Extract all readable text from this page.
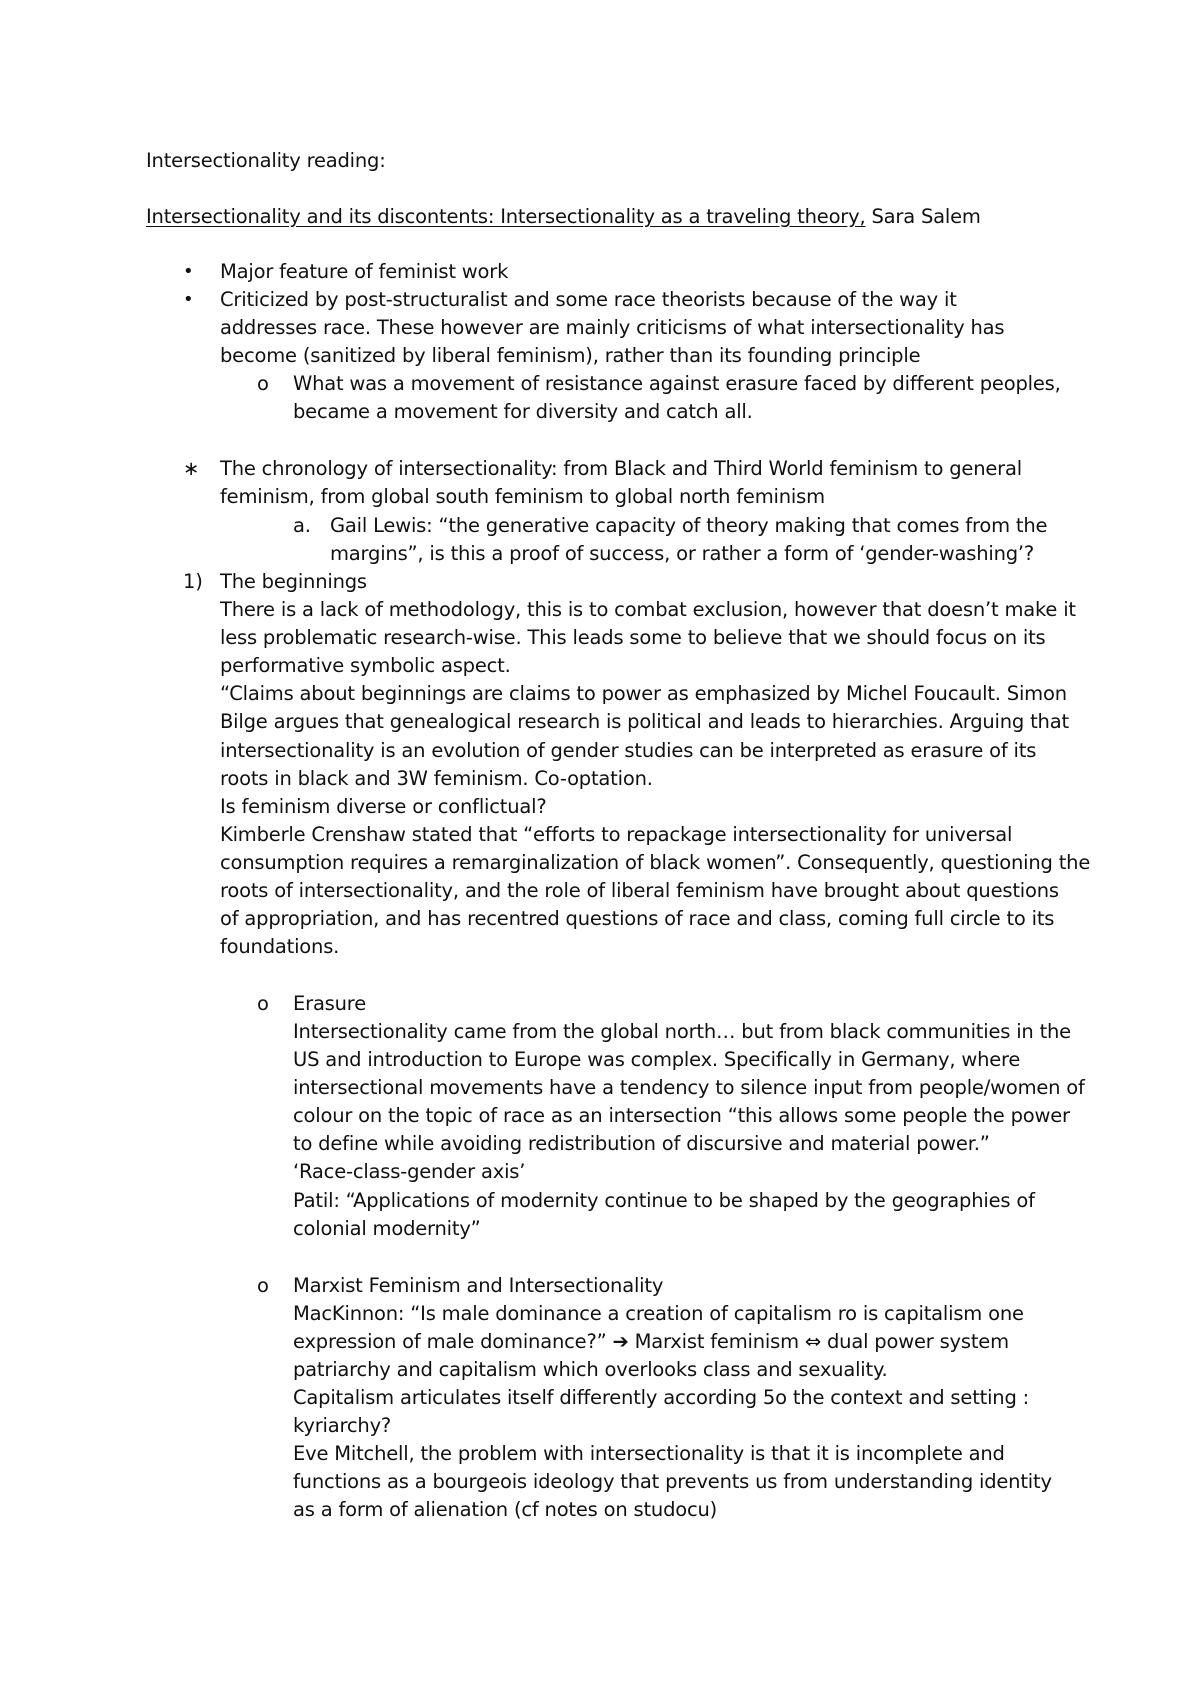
Intersectionality reading:
Intersectionality and its discontents: Intersectionality as a traveling theory, Sara Salem
• Major feature of feminist work
• Criticized by post-structuralist and some race theorists because of the way it
addresses race. These however are mainly criticisms of what intersectionality has
become (sanitized by liberal feminism), rather than its founding principle
o What was a movement of resistance against erasure faced by different peoples,
became a movement for diversity and catch all.
∗ The chronology of intersectionality: from Black and Third World feminism to general
feminism, from global south feminism to global north feminism
a. Gail Lewis: “the generative capacity of theory making that comes from the
margins”, is this a proof of success, or rather a form of ‘gender-washing’?
1) The beginnings
There is a lack of methodology, this is to combat exclusion, however that doesn’t make it
less problematic research-wise. This leads some to believe that we should focus on its
performative symbolic aspect.
“Claims about beginnings are claims to power as emphasized by Michel Foucault. Simon
Bilge argues that genealogical research is political and leads to hierarchies. Arguing that
intersectionality is an evolution of gender studies can be interpreted as erasure of its
roots in black and 3W feminism. Co-optation.
Is feminism diverse or conflictual?
Kimberle Crenshaw stated that “efforts to repackage intersectionality for universal
consumption requires a remarginalization of black women”. Consequently, questioning the
roots of intersectionality, and the role of liberal feminism have brought about questions
of appropriation, and has recentred questions of race and class, coming full circle to its
foundations.
o Erasure
Intersectionality came from the global north… but from black communities in the
US and introduction to Europe was complex. Specifically in Germany, where
intersectional movements have a tendency to silence input from people/women of
colour on the topic of race as an intersection “this allows some people the power
to define while avoiding redistribution of discursive and material power.”
‘Race-class-gender axis’
Patil: “Applications of modernity continue to be shaped by the geographies of
colonial modernity”
o Marxist Feminism and Intersectionality
MacKinnon: “Is male dominance a creation of capitalism ro is capitalism one
expression of male dominance?” ➔ Marxist feminism ⇔ dual power system
patriarchy and capitalism which overlooks class and sexuality.
Capitalism articulates itself differently according 5o the context and setting :
kyriarchy?
Eve Mitchell, the problem with intersectionality is that it is incomplete and
functions as a bourgeois ideology that prevents us from understanding identity
as a form of alienation (cf notes on studocu)
